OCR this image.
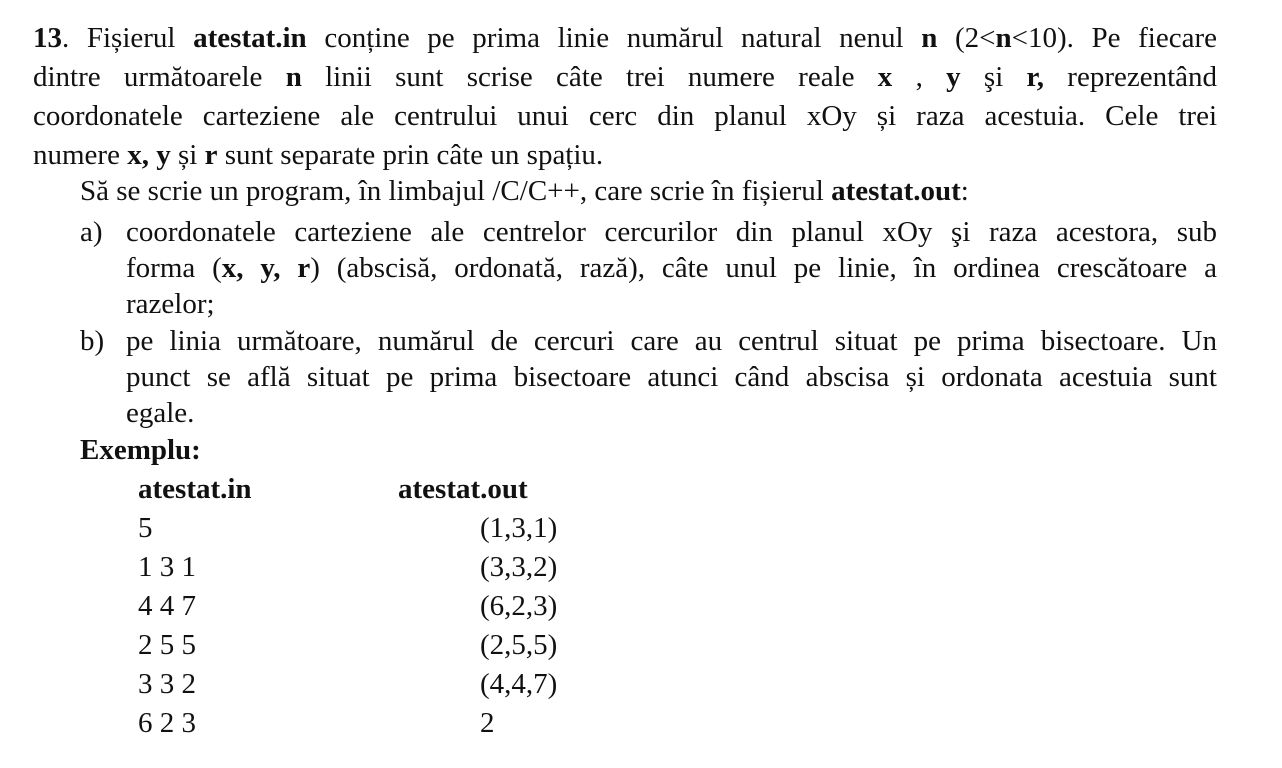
13. Fișierul atestat.in conține pe prima linie numărul natural nenul n (2<n<10). Pe fiecare
dintre următoarele n linii sunt scrise câte trei numere reale x , y şi r, reprezentând
coordonatele carteziene ale centrului unui cerc din planul xOy și raza acestuia. Cele trei
numere x, y și r sunt separate prin câte un spațiu.

Să se scrie un program, în limbajul /C/C++, care scrie în fișierul atestat.out:

a) coordonatele carteziene ale centrelor cercurilor din planul xOy şi raza acestora, sub
forma (x, y, r) (abscisă, ordonată, rază), câte unul pe linie, în ordinea crescătoare a
razelor;
b) pe linia următoare, numărul de cercuri care au centrul situat pe prima bisectoare. Un
punct se află situat pe prima bisectoare atunci când abscisa și ordonata acestuia sunt
egale.
Exemplu:
atestat.in
5
1 3 1
4 4 7
2 5 5
3 3 2
6 2 3
atestat.out
(1,3,1)
(3,3,2)
(6,2,3)
(2,5,5)
(4,4,7)
2
